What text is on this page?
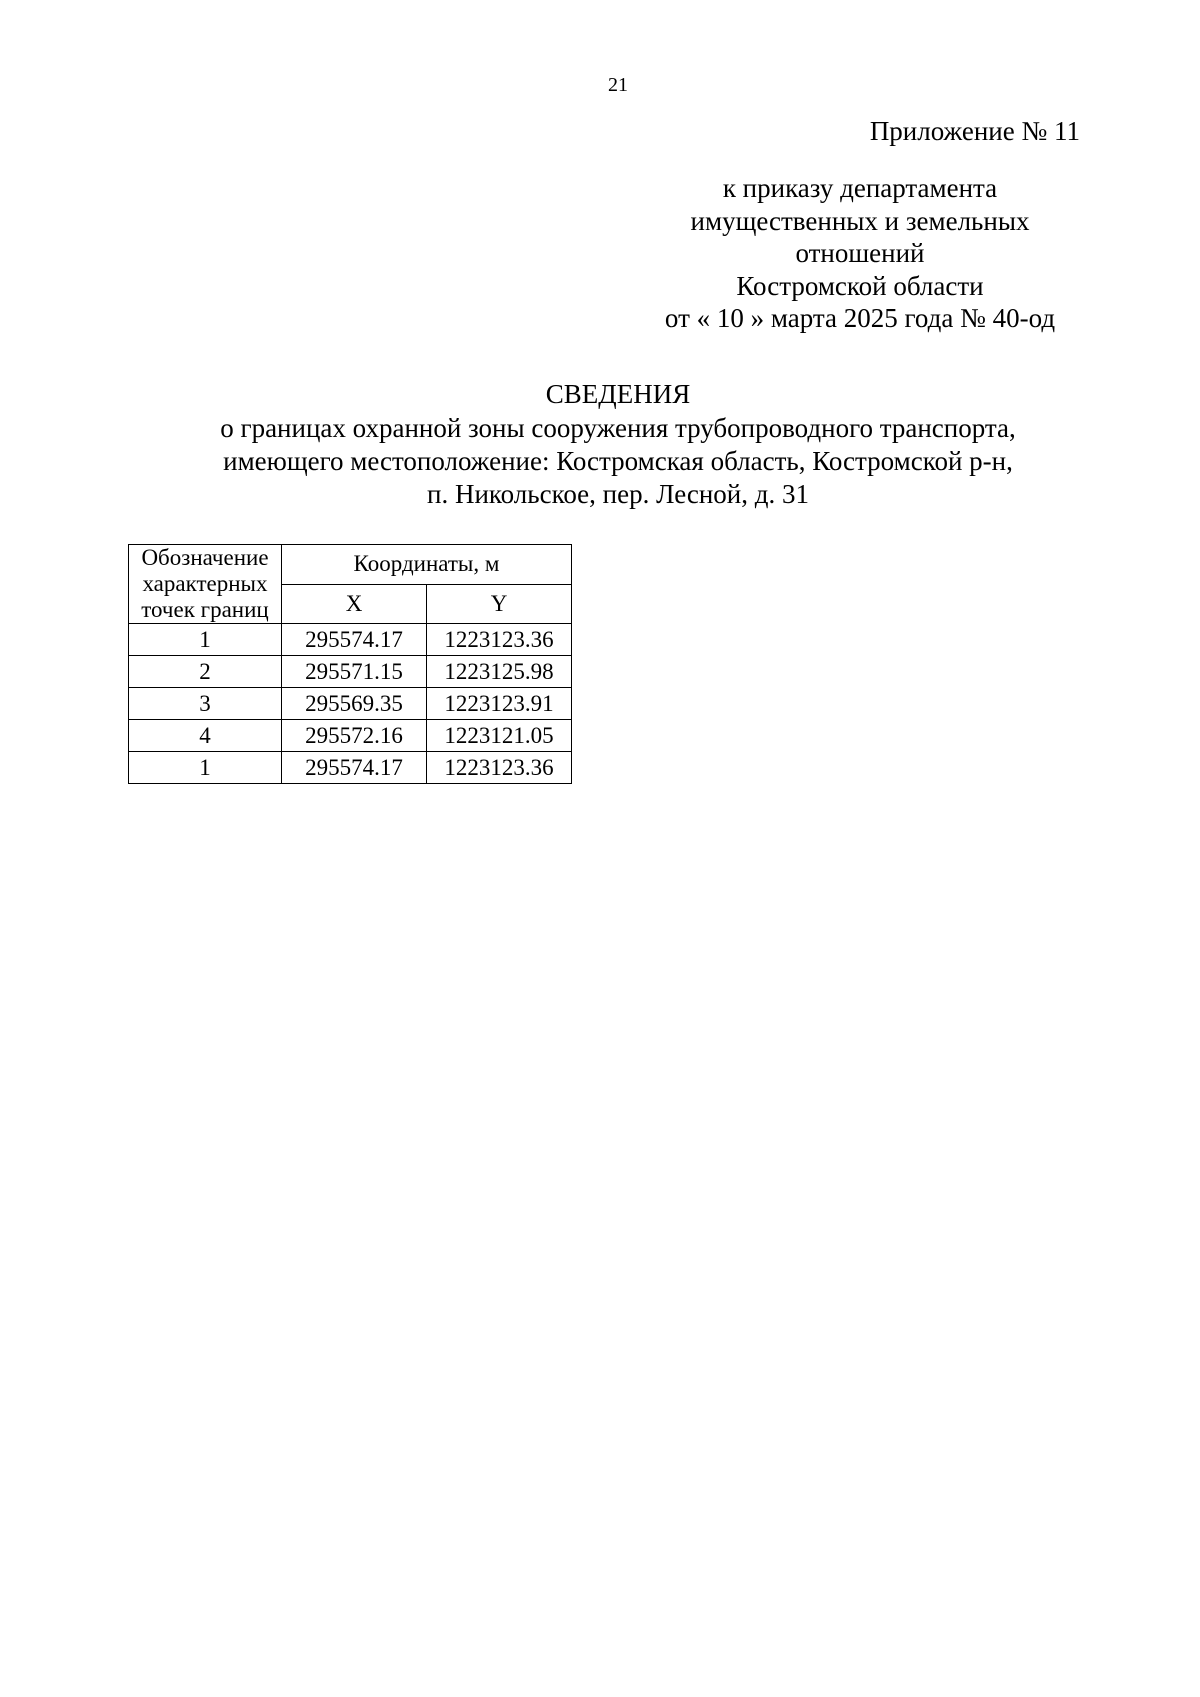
21
Приложение № 11
к приказу департамента
имущественных и земельных
отношений
Костромской области
от « 10 » марта 2025 года № 40-од
СВЕДЕНИЯ
о границах охранной зоны сооружения трубопроводного транспорта,
имеющего местоположение: Костромская область, Костромской р-н,
п. Никольское, пер. Лесной, д. 31
Обозначение
характерных
точек границ	Координаты, м	
	X	Y
1	295574.17	1223123.36
2	295571.15	1223125.98
3	295569.35	1223123.91
4	295572.16	1223121.05
1	295574.17	1223123.36
